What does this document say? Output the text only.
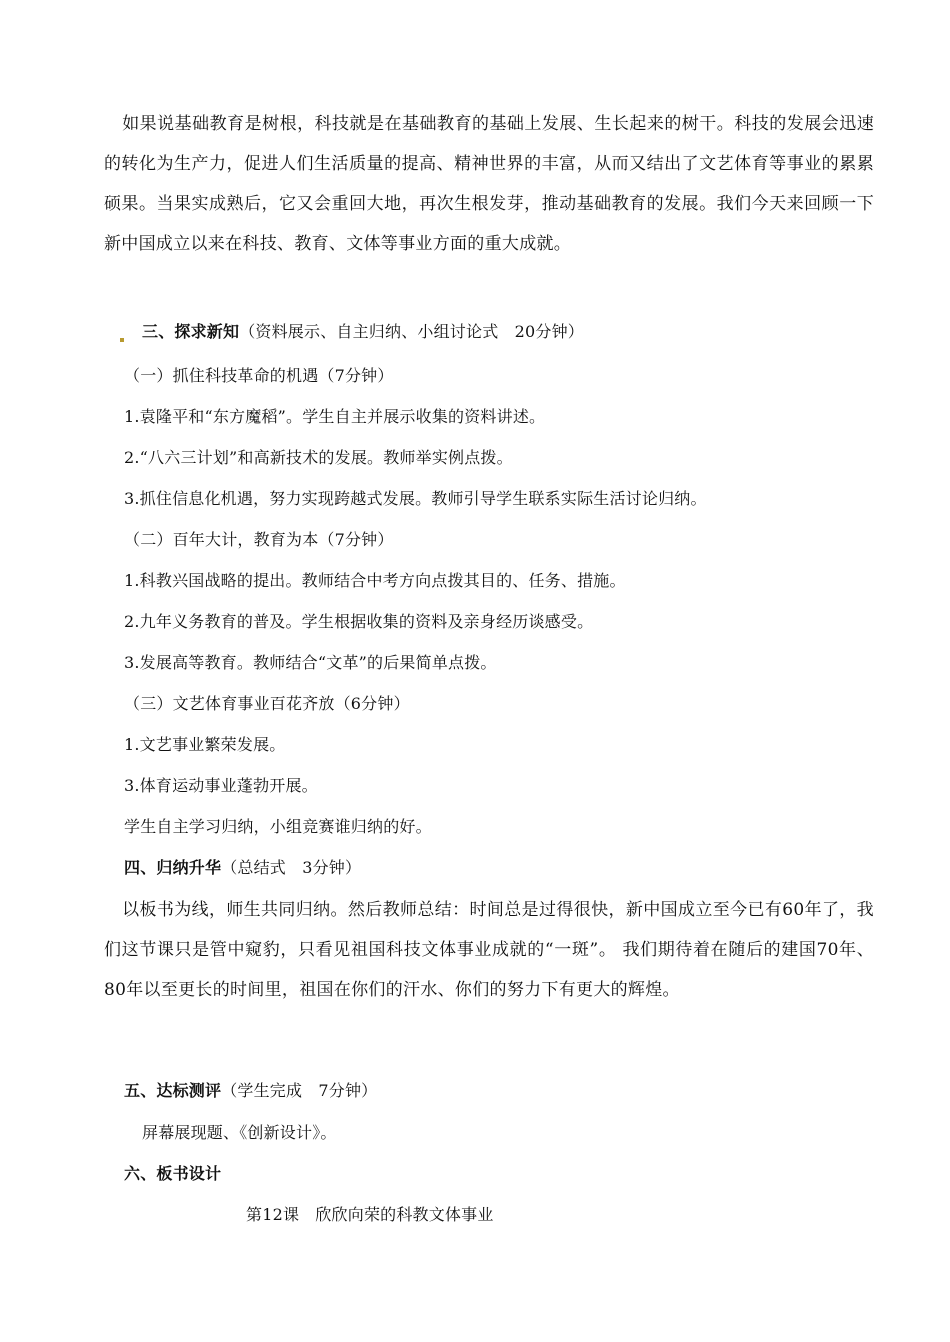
如果说基础教育是树根，科技就是在基础教育的基础上发展、生长起来的树干。科技的发展会迅速的转化为生产力，促进人们生活质量的提高、精神世界的丰富，从而又结出了文艺体育等事业的累累硕果。当果实成熟后，它又会重回大地，再次生根发芽，推动基础教育的发展。我们今天来回顾一下新中国成立以来在科技、教育、文体等事业方面的重大成就。
三、探求新知（资料展示、自主归纳、小组讨论式　20分钟）
（一）抓住科技革命的机遇（7分钟）
1.袁隆平和“东方魔稻”。学生自主并展示收集的资料讲述。
2.“八六三计划”和高新技术的发展。教师举实例点拨。
3.抓住信息化机遇，努力实现跨越式发展。教师引导学生联系实际生活讨论归纳。
（二）百年大计，教育为本（7分钟）
1.科教兴国战略的提出。教师结合中考方向点拨其目的、任务、措施。
2.九年义务教育的普及。学生根据收集的资料及亲身经历谈感受。
3.发展高等教育。教师结合“文革”的后果简单点拨。
（三）文艺体育事业百花齐放（6分钟）
1.文艺事业繁荣发展。
3.体育运动事业蓬勃开展。
学生自主学习归纳，小组竞赛谁归纳的好。
四、归纳升华（总结式　3分钟）
以板书为线，师生共同归纳。然后教师总结：时间总是过得很快，新中国成立至今已有60年了，我们这节课只是管中窥豹，只看见祖国科技文体事业成就的“一斑”。 我们期待着在随后的建国70年、80年以至更长的时间里，祖国在你们的汗水、你们的努力下有更大的辉煌。
五、达标测评（学生完成　7分钟）
屏幕展现题、《创新设计》。
六、板书设计
第12课　欣欣向荣的科教文体事业
